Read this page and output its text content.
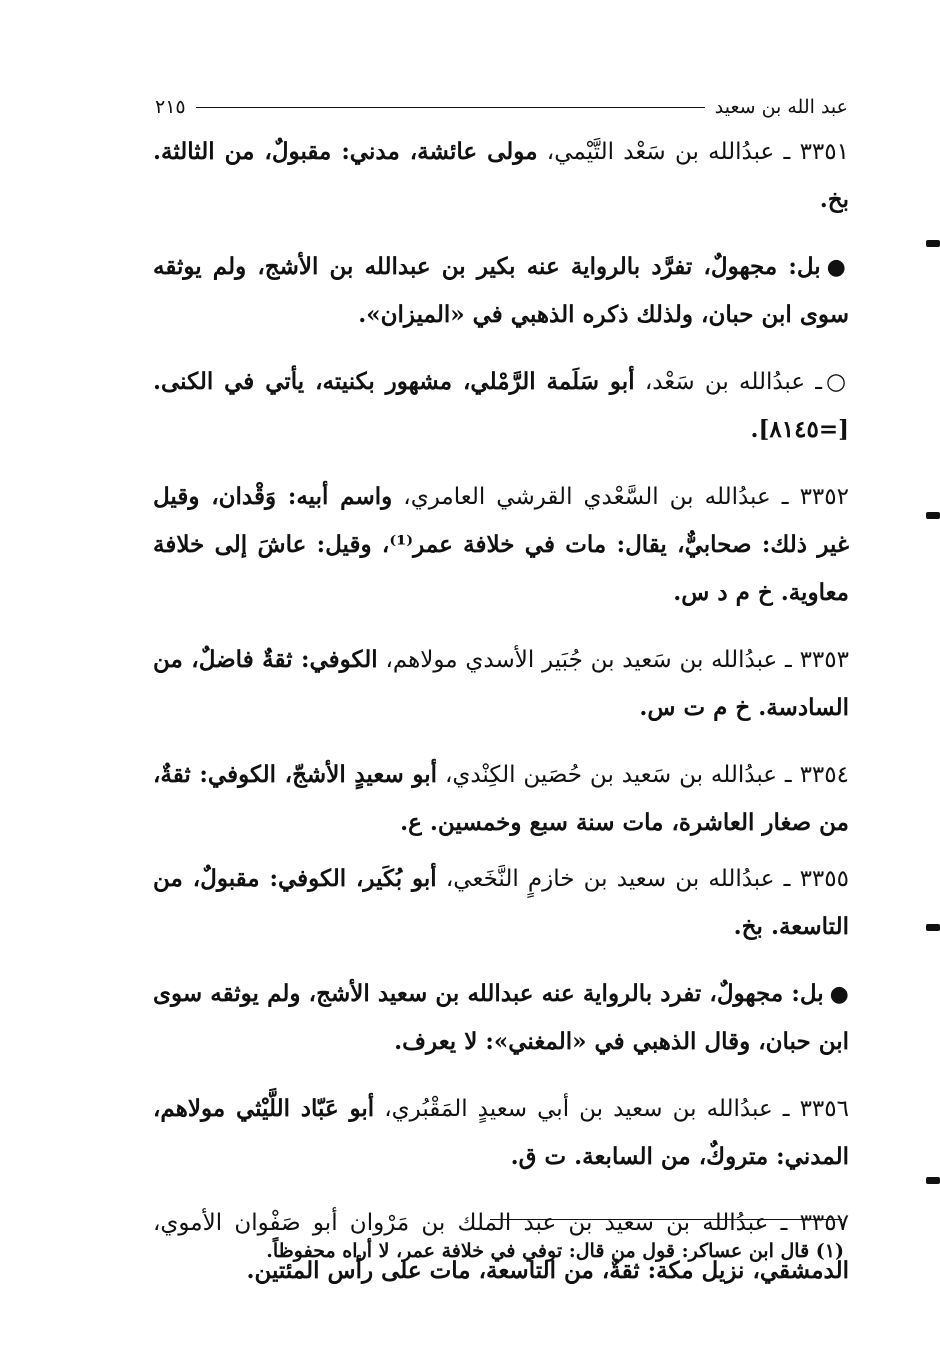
عبد الله بن سعيد
٢١٥

٣٣٥١ ـ عبدُالله بن سَعْد التَّيْمي، مولى عائشة، مدني: مقبولٌ، من الثالثة. بخ.

●بل: مجهولٌ، تفرَّد بالرواية عنه بكير بن عبدالله بن الأشج، ولم يوثقه سوى ابن حبان، ولذلك ذكره الذهبي في «الميزان».

○ـ عبدُالله بن سَعْد، أبو سَلَمة الرَّمْلي، مشهور بكنيته، يأتي في الكنى. [=٨١٤٥].

٣٣٥٢ ـ عبدُالله بن السَّعْدي القرشي العامري، واسم أبيه: وَقْدان، وقيل غير ذلك: صحابيٌّ، يقال: مات في خلافة عمر⁽¹⁾، وقيل: عاشَ إلى خلافة معاوية. خ م د س.

٣٣٥٣ ـ عبدُالله بن سَعيد بن جُبَير الأسدي مولاهم، الكوفي: ثقةٌ فاضلٌ، من السادسة. خ م ت س.

٣٣٥٤ ـ عبدُالله بن سَعيد بن حُصَين الكِنْدي، أبو سعيدٍ الأشجّ، الكوفي: ثقةٌ، من صغار العاشرة، مات سنة سبع وخمسين. ع.

٣٣٥٥ ـ عبدُالله بن سعيد بن خازمٍ النَّخَعي، أبو بُكَير، الكوفي: مقبولٌ، من التاسعة. بخ.

●بل: مجهولٌ، تفرد بالرواية عنه عبدالله بن سعيد الأشج، ولم يوثقه سوى ابن حبان، وقال الذهبي في «المغني»: لا يعرف.

٣٣٥٦ ـ عبدُالله بن سعيد بن أبي سعيدٍ المَقْبُري، أبو عَبّاد اللَّيْثي مولاهم، المدني: متروكٌ، من السابعة. ت ق.

٣٣٥٧ ـ عبدُالله بن سعيد بن عبد الملك بن مَرْوان أبو صَفْوان الأموي، الدمشقي، نزيل مكة: ثقةٌ، من التاسعة، مات على رأس المئتين.

(١) قال ابن عساكر: قول من قال: توفي في خلافة عمر، لا أراه محفوظاً.
